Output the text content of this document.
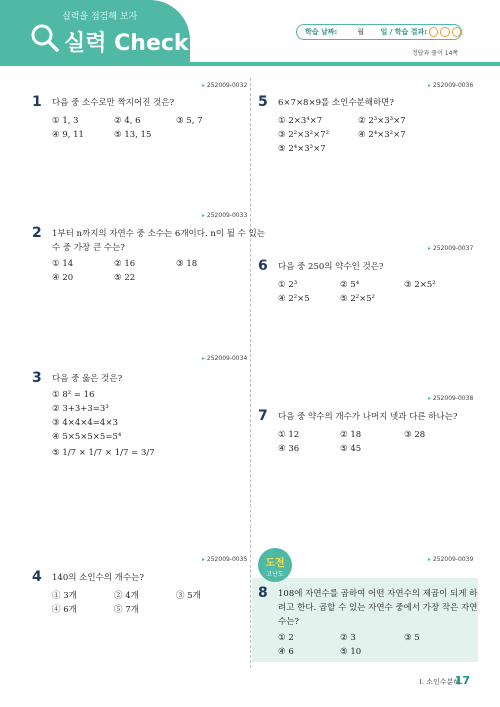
실력을 점검해 보자
실력 Check	학습 날짜:	월 일 / 학습 결과:
정답과 풀이 14쪽
도전
고난도
▸ 252009-0032
1 다음 중 소수로만 짝지어진 것은?
① 1, 3	② 4, 6	③ 5, 7
④ 9, 11	⑤ 13, 15
▸ 252009-0033
2 1부터 n까지의 자연수 중 소수는 6개이다. n이 될 수 있는
수 중 가장 큰 수는?
① 14	② 16	③ 18
④ 20	⑤ 22
▸ 252009-0034
3 다음 중 옳은 것은?
① 8² = 16
② 3+3+3=3³
③ 4×4×4=4×3
④ 5×5×5×5=5⁴
⑤ 1/7 × 1/7 × 1/7 = 3/7
▸ 252009-0035
4 140의 소인수의 개수는?
① 3개	② 4개	③ 5개
④ 6개	⑤ 7개
▸ 252009-0036
5 6×7×8×9를 소인수분해하면?
① 2×3⁴×7	② 2³×3³×7
③ 2²×3²×7²	④ 2⁴×3²×7
⑤ 2⁴×3³×7
▸ 252009-0037
6 다음 중 250의 약수인 것은?
① 2³	② 5⁴	③ 2×5²
④ 2²×5	⑤ 2²×5²
▸ 252009-0038
7 다음 중 약수의 개수가 나머지 넷과 다른 하나는?
① 12	② 18	③ 28
④ 36	⑤ 45
▸ 252009-0039
8 108에 자연수를 곱하여 어떤 자연수의 제곱이 되게 하
려고 한다. 곱할 수 있는 자연수 중에서 가장 작은 자연
수는?
① 2	② 3	③ 5
④ 6	⑤ 10
I. 소인수분해
17
